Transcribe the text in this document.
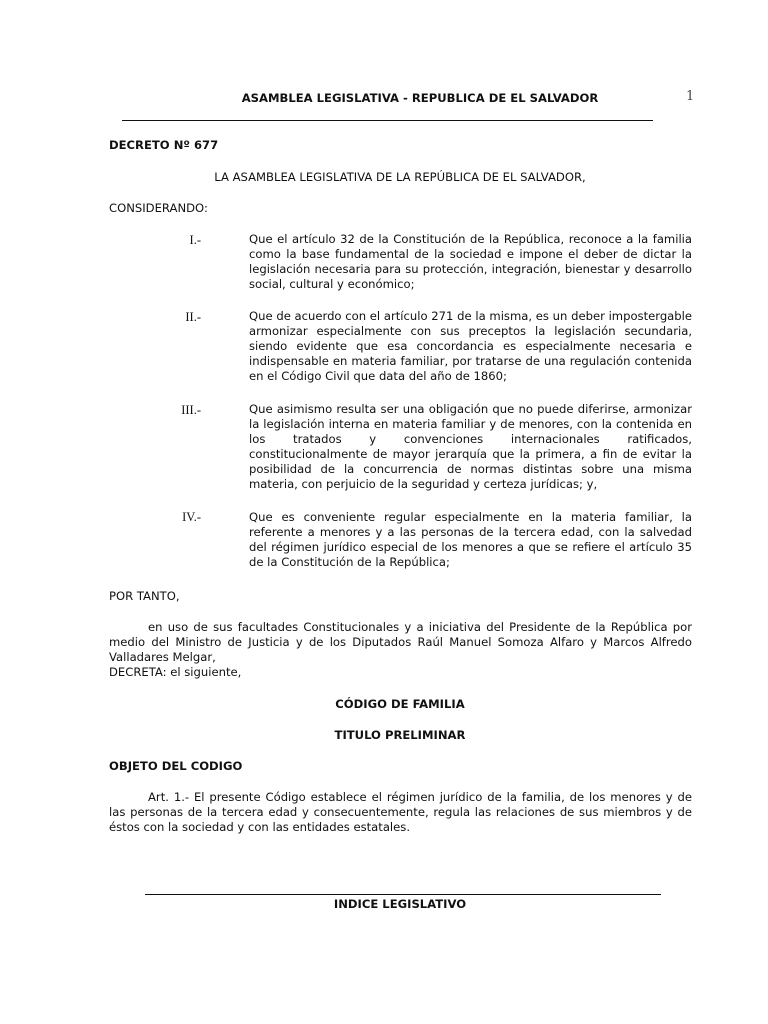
ASAMBLEA LEGISLATIVA - REPUBLICA DE EL SALVADOR	1
DECRETO Nº 677
LA ASAMBLEA LEGISLATIVA DE LA REPÚBLICA DE EL SALVADOR,
CONSIDERANDO:
I.-	Que el artículo 32 de la Constitución de la República, reconoce a la familia como la base fundamental de la sociedad e impone el deber de dictar la legislación necesaria para su protección, integración, bienestar y desarrollo social, cultural y económico;
II.-	Que de acuerdo con el artículo 271 de la misma, es un deber impostergable armonizar especialmente con sus preceptos la legislación secundaria, siendo evidente que esa concordancia es especialmente necesaria e indispensable en materia familiar, por tratarse de una regulación contenida en el Código Civil que data del año de 1860;
III.-	Que asimismo resulta ser una obligación que no puede diferirse, armonizar la legislación interna en materia familiar y de menores, con la contenida en los tratados y convenciones internacionales ratificados, constitucionalmente de mayor jerarquía que la primera, a fin de evitar la posibilidad de la concurrencia de normas distintas sobre una misma materia, con perjuicio de la seguridad y certeza jurídicas; y,
IV.-	Que es conveniente regular especialmente en la materia familiar, la referente a menores y a las personas de la tercera edad, con la salvedad del régimen jurídico especial de los menores a que se refiere el artículo 35 de la Constitución de la República;
POR TANTO,
en uso de sus facultades Constitucionales y a iniciativa del Presidente de la República por medio del Ministro de Justicia y de los Diputados Raúl Manuel Somoza Alfaro y Marcos Alfredo Valladares Melgar,
DECRETA: el siguiente,
CÓDIGO DE FAMILIA
TITULO PRELIMINAR
OBJETO DEL CODIGO
Art. 1.- El presente Código establece el régimen jurídico de la familia, de los menores y de las personas de la tercera edad y consecuentemente, regula las relaciones de sus miembros y de éstos con la sociedad y con las entidades estatales.
INDICE LEGISLATIVO
